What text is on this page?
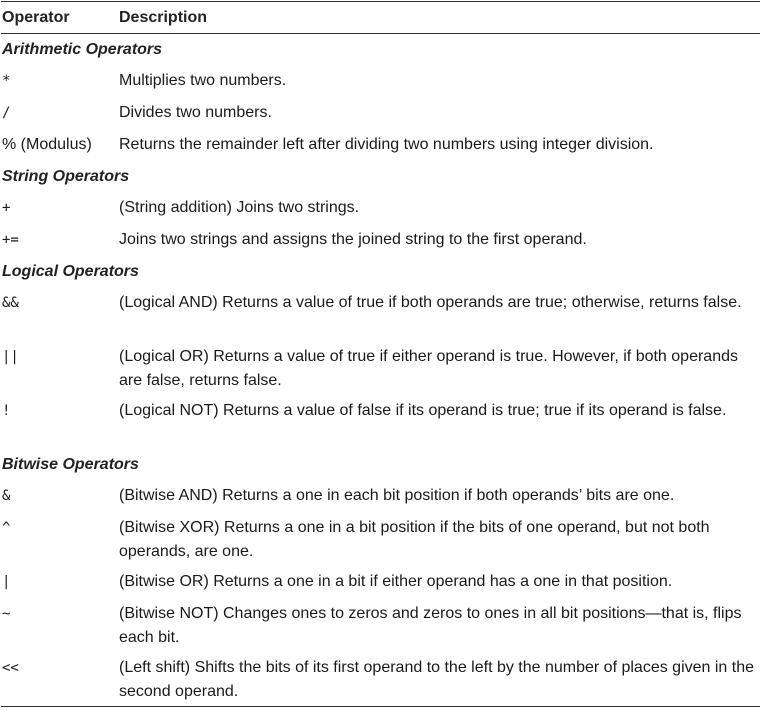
Operator	Description
Arithmetic Operators
*	Multiplies two numbers.
/	Divides two numbers.
% (Modulus)	Returns the remainder left after dividing two numbers using integer division.
String Operators
+	(String addition) Joins two strings.
+=	Joins two strings and assigns the joined string to the first operand.
Logical Operators
&&	(Logical AND) Returns a value of true if both operands are true; otherwise, returns false.
||	(Logical OR) Returns a value of true if either operand is true. However, if both operands are false, returns false.
!	(Logical NOT) Returns a value of false if its operand is true; true if its operand is false.
Bitwise Operators
&	(Bitwise AND) Returns a one in each bit position if both operands’ bits are one.
^	(Bitwise XOR) Returns a one in a bit position if the bits of one operand, but not both operands, are one.
|	(Bitwise OR) Returns a one in a bit if either operand has a one in that position.
~	(Bitwise NOT) Changes ones to zeros and zeros to ones in all bit positions—that is, flips each bit.
<<	(Left shift) Shifts the bits of its first operand to the left by the number of places given in the second operand.
